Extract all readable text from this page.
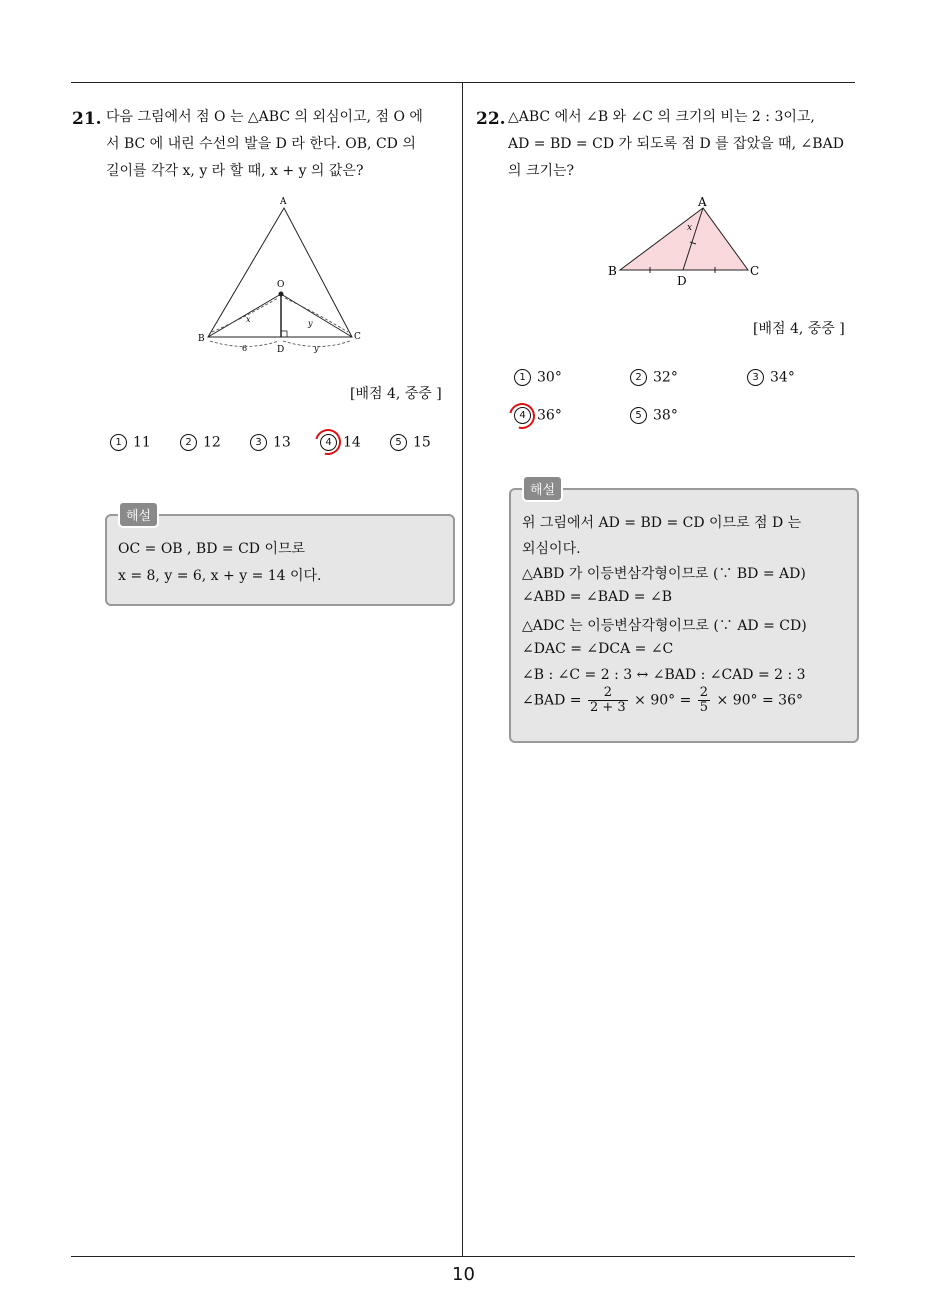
10
21. 다음 그림에서 점 O 는 △ABC 의 외심이고, 점 O 에
서 BC 에 내린 수선의 발을 D 라 한다. OB, CD 의
길이를 각각 x, y 라 할 때, x + y 의 값은?
A
O
B	C
D
x	y
6	y
[배점 4, 중중 ]
1 11	2 12	3 13	4 14	5 15
해설
OC = OB , BD = CD 이므로
x = 8, y = 6, x + y = 14 이다.
22. △ABC 에서 ∠B 와 ∠C 의 크기의 비는 2 : 3이고,
AD = BD = CD 가 되도록 점 D 를 잡았을 때, ∠BAD
의 크기는?
A
B	C
D
x
[배점 4, 중중 ]
1 30°	2 32°	3 34°
4 36°	5 38°
해설
위 그림에서 AD = BD = CD 이므로 점 D 는
외심이다.
△ABD 가 이등변삼각형이므로 (∵ BD = AD)
∠ABD = ∠BAD = ∠B
△ADC 는 이등변삼각형이므로 (∵ AD = CD)
∠DAC = ∠DCA = ∠C
∠B : ∠C = 2 : 3 ↔ ∠BAD : ∠CAD = 2 : 3
∠BAD = $\frac{2}{2 + 3} \times 90^\circ = \frac{2}{5} \times 90^\circ = 36^\circ$
